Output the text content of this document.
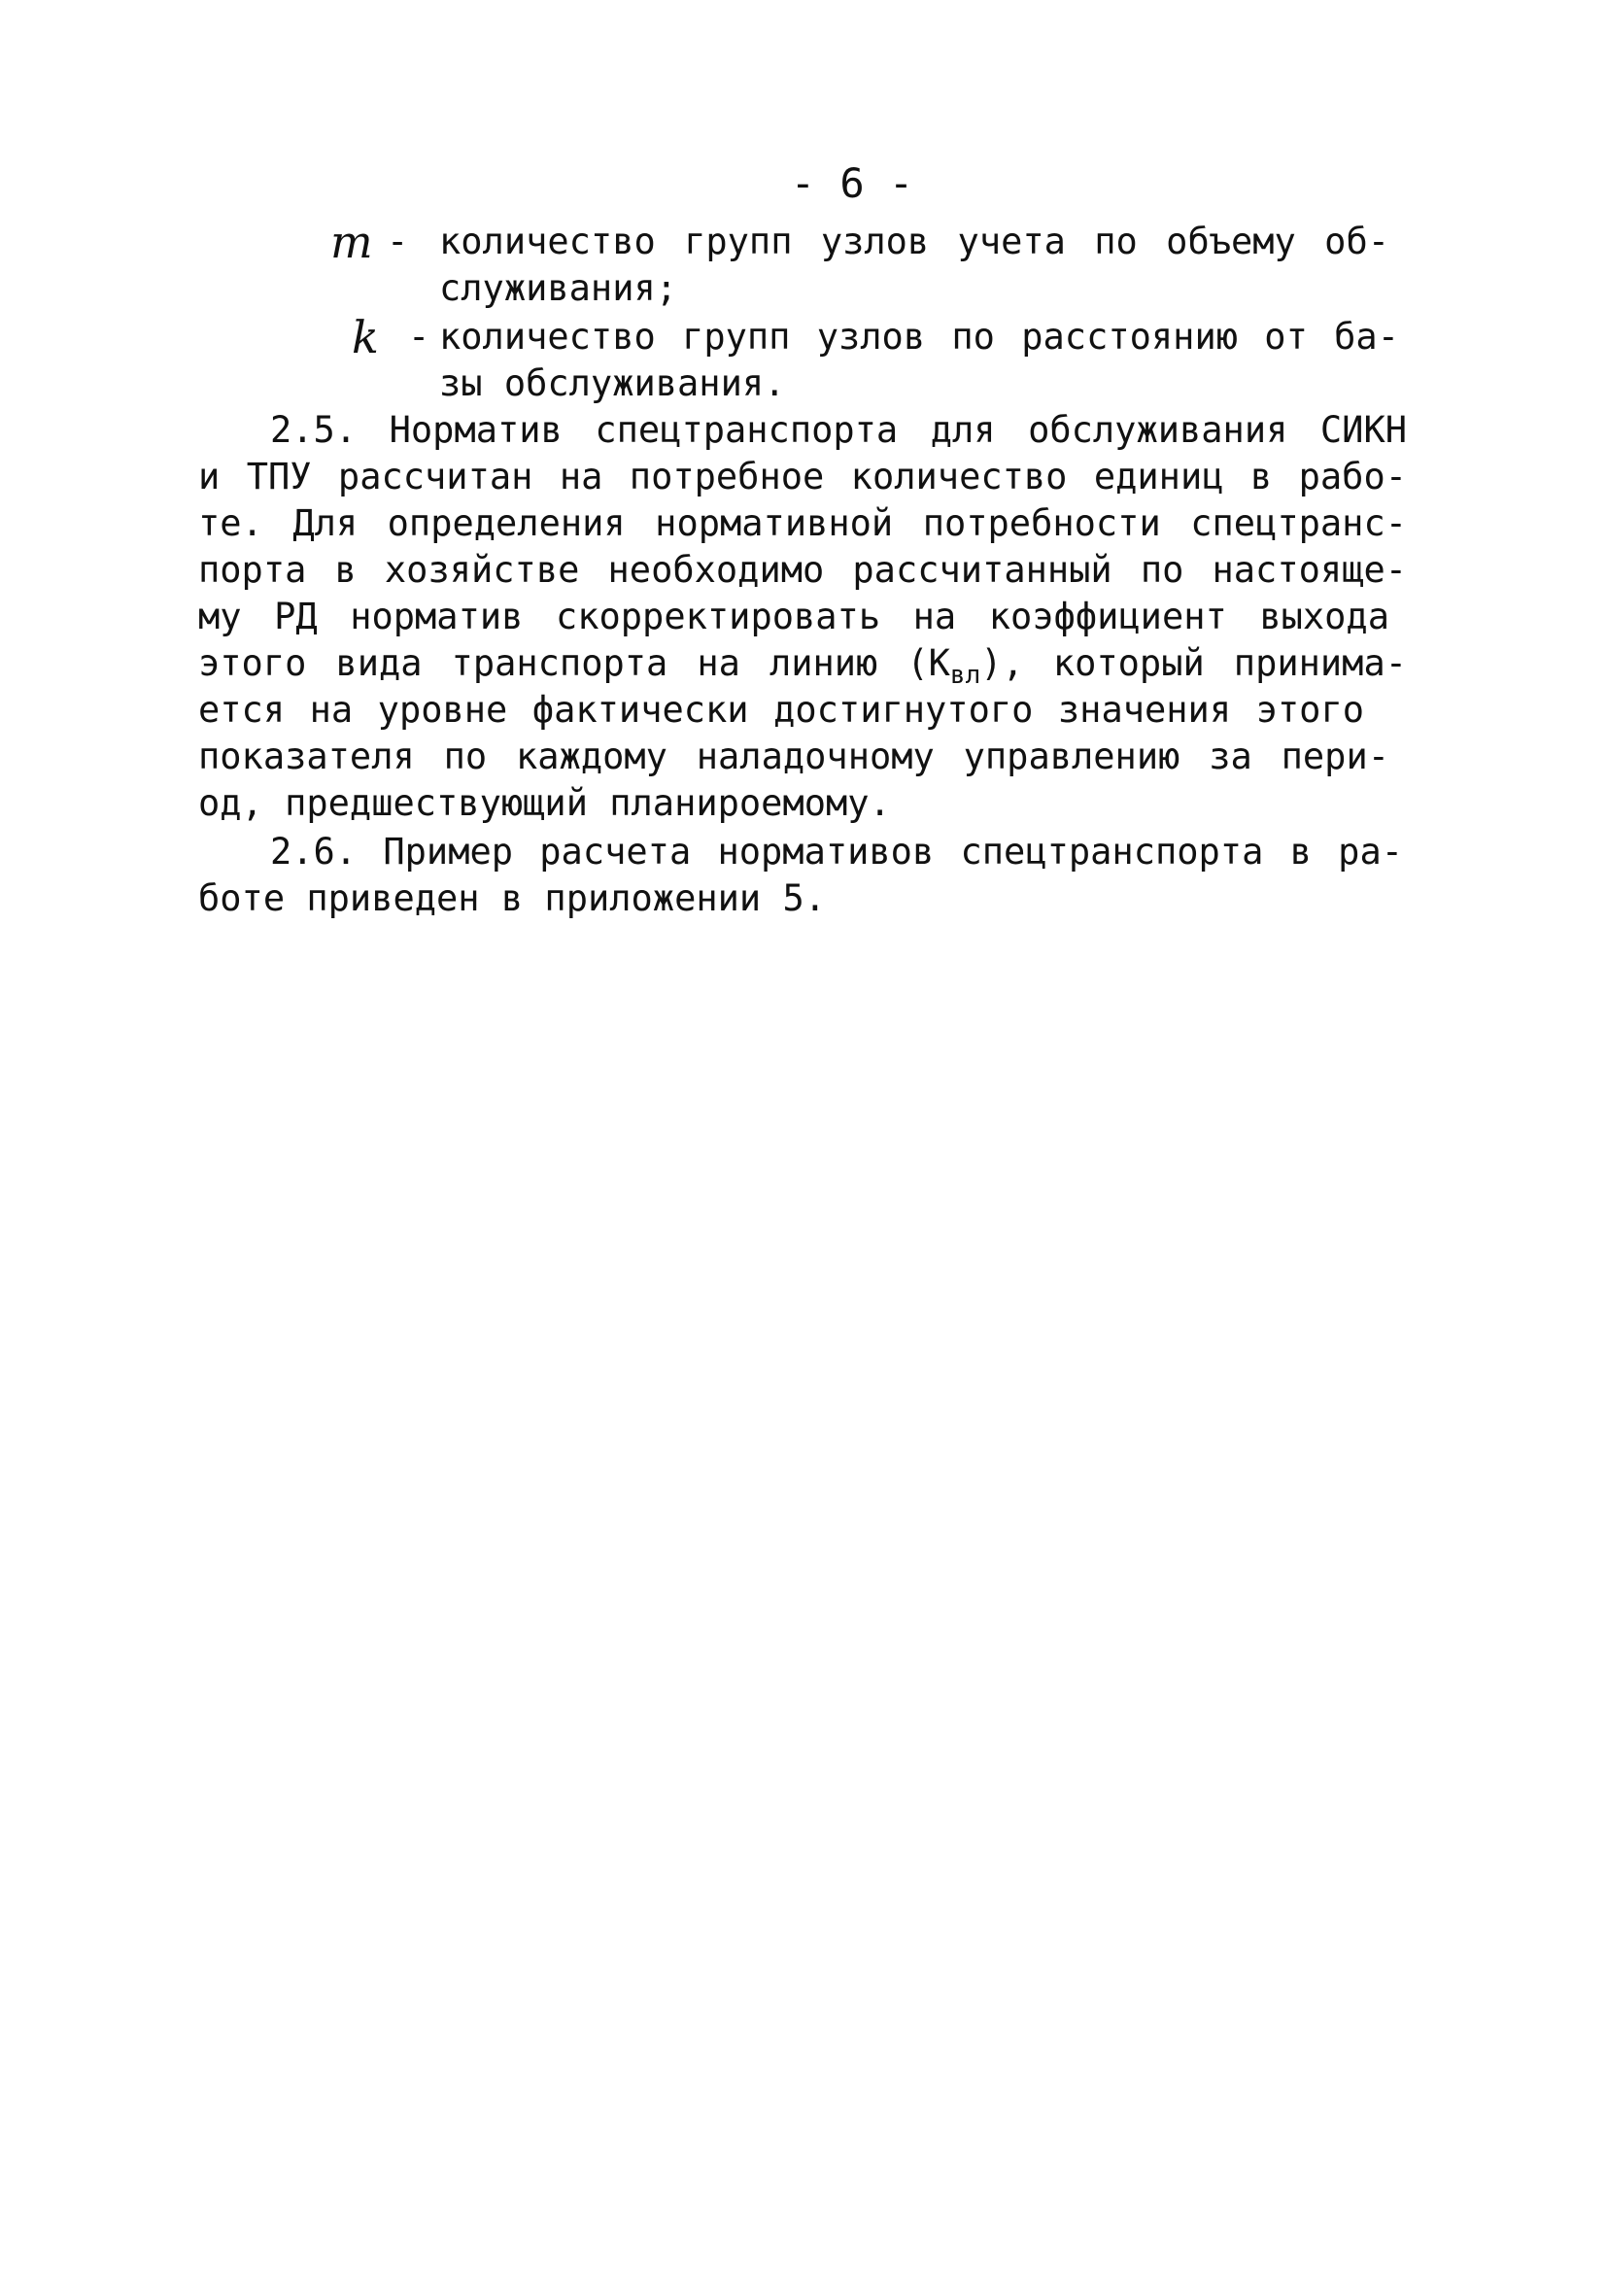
- 6 -
m - количество групп узлов учета по объему об-
служивания;
k - количество групп узлов по расстоянию от ба-
зы обслуживания.
2.5. Норматив спецтранспорта для обслуживания СИКН
и ТПУ рассчитан на потребное количество единиц в рабо-
те. Для определения нормативной потребности спецтранс-
порта в хозяйстве необходимо рассчитанный по настояще-
му РД норматив скорректировать на коэффициент выхода
этого вида транспорта на линию $(К_{вл})$, который принима-
ется на уровне фактически достигнутого значения этого
показателя по каждому наладочному управлению за пери-
од, предшествующий планироемому.
2.6. Пример расчета нормативов спецтранспорта в ра-
боте приведен в приложении 5.
